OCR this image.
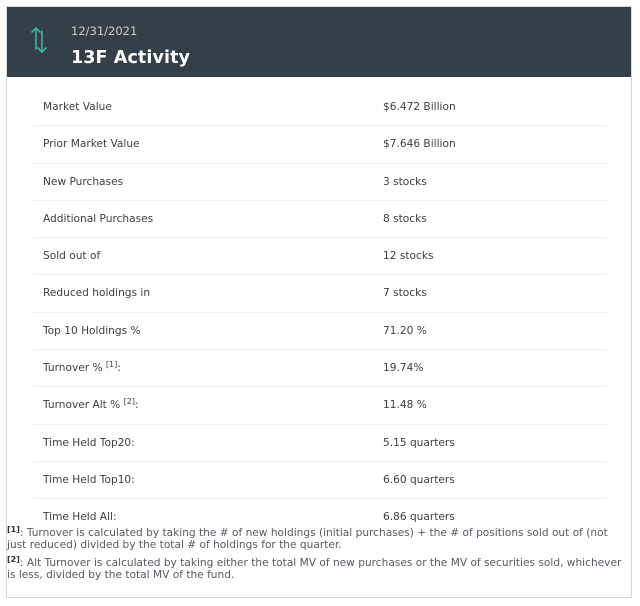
12/31/2021
13F Activity
Market Value	$6.472 Billion
Prior Market Value	$7.646 Billion
New Purchases	3 stocks
Additional Purchases	8 stocks
Sold out of	12 stocks
Reduced holdings in	7 stocks
Top 10 Holdings %	71.20 %
Turnover % [1]:	19.74%
Turnover Alt % [2]:	11.48 %
Time Held Top20:	5.15 quarters
Time Held Top10:	6.60 quarters
Time Held All:	6.86 quarters
[1]: Turnover is calculated by taking the # of new holdings (initial purchases) + the # of positions sold out of (not just reduced) divided by the total # of holdings for the quarter.
[2]: Alt Turnover is calculated by taking either the total MV of new purchases or the MV of securities sold, whichever is less, divided by the total MV of the fund.
